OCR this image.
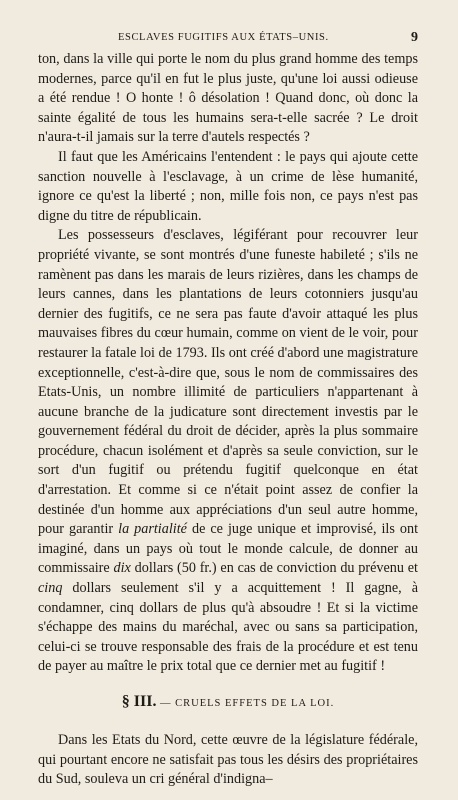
ESCLAVES FUGITIFS AUX ÉTATS–UNIS.	9

ton, dans la ville qui porte le nom du plus grand homme des temps modernes, parce qu'il en fut le plus juste, qu'une loi aussi odieuse a été rendue ! O honte ! ô désolation ! Quand donc, où donc la sainte égalité de tous les humains sera-t-elle sacrée ? Le droit n'aura-t-il jamais sur la terre d'autels respectés ?

Il faut que les Américains l'entendent : le pays qui ajoute cette sanction nouvelle à l'esclavage, à un crime de lèse humanité, ignore ce qu'est la liberté ; non, mille fois non, ce pays n'est pas digne du titre de républicain.

Les possesseurs d'esclaves, légiférant pour recouvrer leur propriété vivante, se sont montrés d'une funeste habileté ; s'ils ne ramènent pas dans les marais de leurs rizières, dans les champs de leurs cannes, dans les plantations de leurs cotonniers jusqu'au dernier des fugitifs, ce ne sera pas faute d'avoir attaqué les plus mauvaises fibres du cœur humain, comme on vient de le voir, pour restaurer la fatale loi de 1793. Ils ont créé d'abord une magistrature exceptionnelle, c'est-à-dire que, sous le nom de commissaires des Etats-Unis, un nombre illimité de particuliers n'appartenant à aucune branche de la judicature sont directement investis par le gouvernement fédéral du droit de décider, après la plus sommaire procédure, chacun isolément et d'après sa seule conviction, sur le sort d'un fugitif ou prétendu fugitif quelconque en état d'arrestation. Et comme si ce n'était point assez de confier la destinée d'un homme aux appréciations d'un seul autre homme, pour garantir la partialité de ce juge unique et improvisé, ils ont imaginé, dans un pays où tout le monde calcule, de donner au commissaire dix dollars (50 fr.) en cas de conviction du prévenu et cinq dollars seulement s'il y a acquittement ! Il gagne, à condamner, cinq dollars de plus qu'à absoudre ! Et si la victime s'échappe des mains du maréchal, avec ou sans sa participation, celui-ci se trouve responsable des frais de la procédure et est tenu de payer au maître le prix total que ce dernier met au fugitif !

§ III. — CRUELS EFFETS DE LA LOI.

Dans les Etats du Nord, cette œuvre de la législature fédérale, qui pourtant encore ne satisfait pas tous les désirs des propriétaires du Sud, souleva un cri général d'indigna–
